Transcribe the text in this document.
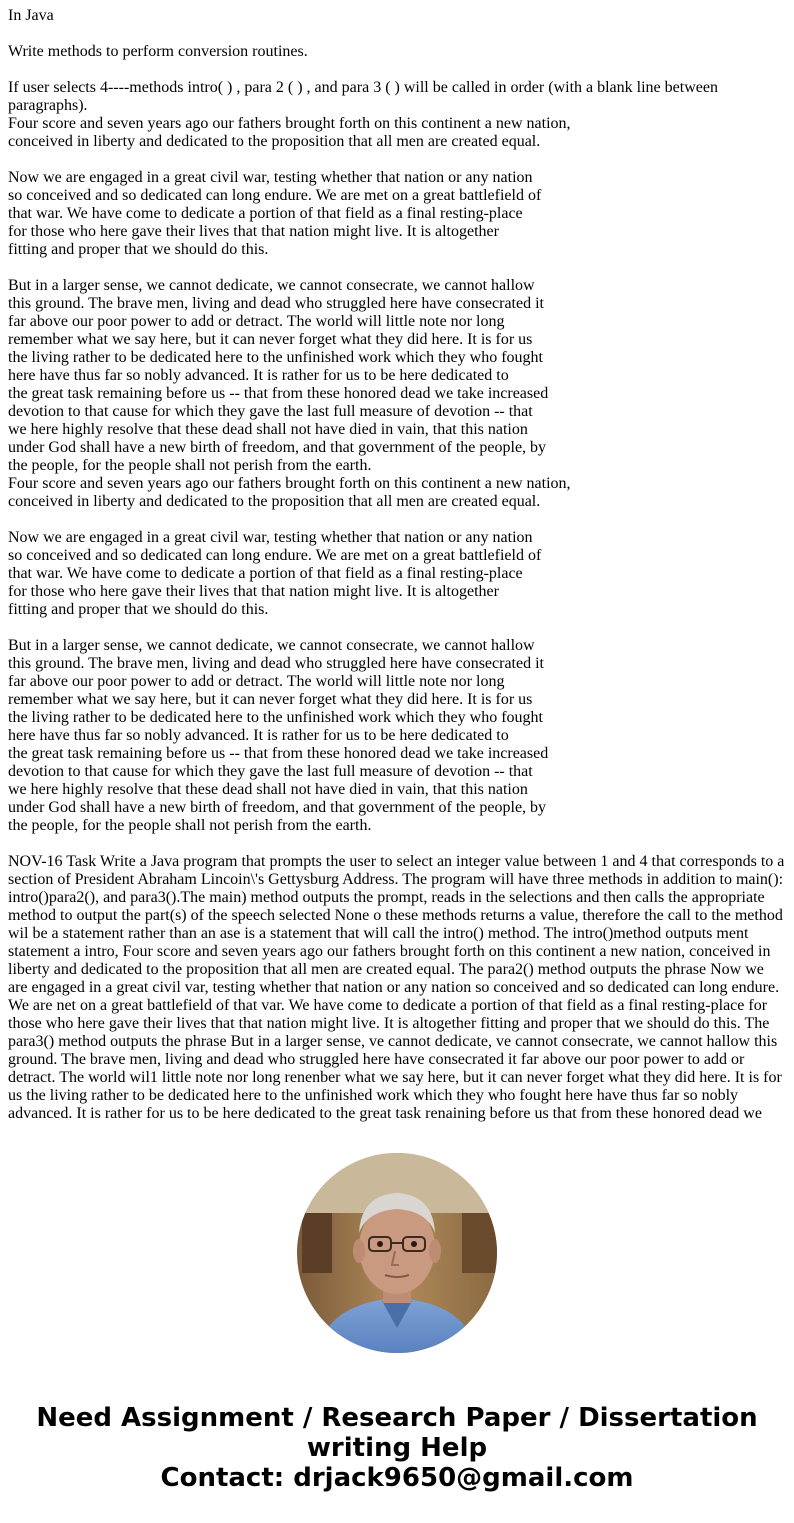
In Java
Write methods to perform conversion routines.
If user selects 4----methods intro( ) , para 2 ( ) , and para 3 ( ) will be called in order (with a blank line between paragraphs).
Four score and seven years ago our fathers brought forth on this continent a new nation,
conceived in liberty and dedicated to the proposition that all men are created equal.
Now we are engaged in a great civil war, testing whether that nation or any nation
so conceived and so dedicated can long endure. We are met on a great battlefield of
that war. We have come to dedicate a portion of that field as a final resting-place
for those who here gave their lives that that nation might live. It is altogether
fitting and proper that we should do this.
But in a larger sense, we cannot dedicate, we cannot consecrate, we cannot hallow
this ground. The brave men, living and dead who struggled here have consecrated it
far above our poor power to add or detract. The world will little note nor long
remember what we say here, but it can never forget what they did here. It is for us
the living rather to be dedicated here to the unfinished work which they who fought
here have thus far so nobly advanced. It is rather for us to be here dedicated to
the great task remaining before us -- that from these honored dead we take increased
devotion to that cause for which they gave the last full measure of devotion -- that
we here highly resolve that these dead shall not have died in vain, that this nation
under God shall have a new birth of freedom, and that government of the people, by
the people, for the people shall not perish from the earth.
Four score and seven years ago our fathers brought forth on this continent a new nation,
conceived in liberty and dedicated to the proposition that all men are created equal.
Now we are engaged in a great civil war, testing whether that nation or any nation
so conceived and so dedicated can long endure. We are met on a great battlefield of
that war. We have come to dedicate a portion of that field as a final resting-place
for those who here gave their lives that that nation might live. It is altogether
fitting and proper that we should do this.
But in a larger sense, we cannot dedicate, we cannot consecrate, we cannot hallow
this ground. The brave men, living and dead who struggled here have consecrated it
far above our poor power to add or detract. The world will little note nor long
remember what we say here, but it can never forget what they did here. It is for us
the living rather to be dedicated here to the unfinished work which they who fought
here have thus far so nobly advanced. It is rather for us to be here dedicated to
the great task remaining before us -- that from these honored dead we take increased
devotion to that cause for which they gave the last full measure of devotion -- that
we here highly resolve that these dead shall not have died in vain, that this nation
under God shall have a new birth of freedom, and that government of the people, by
the people, for the people shall not perish from the earth.
NOV-16 Task Write a Java program that prompts the user to select an integer value between 1 and 4 that corresponds to a section of President Abraham Lincoin\'s Gettysburg Address. The program will have three methods in addition to main(): intro()para2(), and para3().The main) method outputs the prompt, reads in the selections and then calls the appropriate method to output the part(s) of the speech selected None o these methods returns a value, therefore the call to the method wil be a statement rather than an ase is a statement that will call the intro() method. The intro()method outputs ment statement a intro, Four score and seven years ago our fathers brought forth on this continent a new nation, conceived in liberty and dedicated to the proposition that all men are created equal. The para2() method outputs the phrase Now we are engaged in a great civil var, testing whether that nation or any nation so conceived and so dedicated can long endure. We are net on a great battlefield of that var. We have come to dedicate a portion of that field as a final resting-place for those who here gave their lives that that nation might live. It is altogether fitting and proper that we should do this. The para3() method outputs the phrase But in a larger sense, ve cannot dedicate, ve cannot consecrate, we cannot hallow this ground. The brave men, living and dead who struggled here have consecrated it far above our poor power to add or detract. The world wil1 little note nor long renenber what we say here, but it can never forget what they did here. It is for us the living rather to be dedicated here to the unfinished work which they who fought here have thus far so nobly advanced. It is rather for us to be here dedicated to the great task renaining before us that from these honored dead we
Need Assignment / Research Paper / Dissertation
writing Help
Contact: drjack9650@gmail.com
